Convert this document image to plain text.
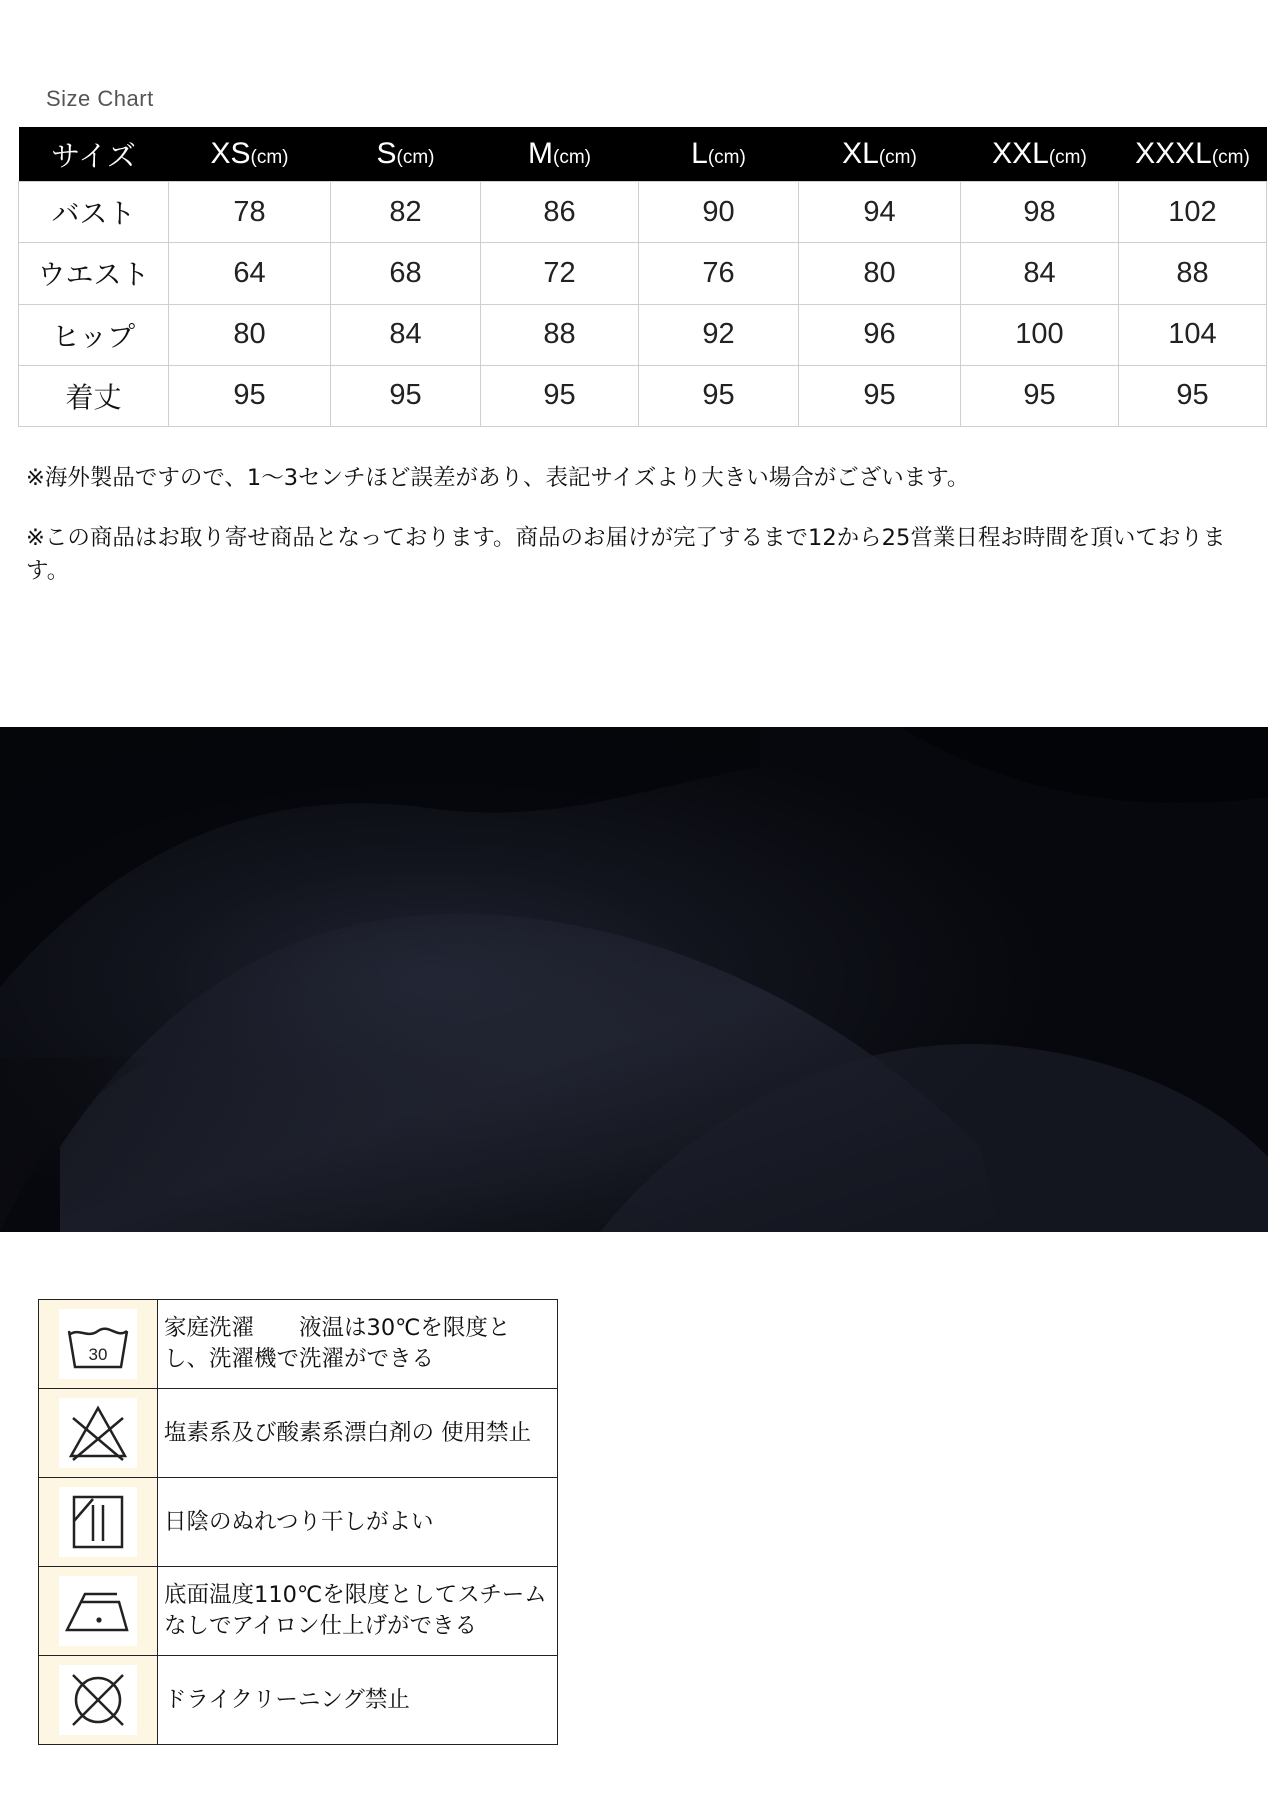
Size Chart
サイズ	XS(cm)	S(cm)	M(cm)	L(cm)	XL(cm)	XXL(cm)	XXXL(cm)
バスト	78	82	86	90	94	98	102
ウエスト	64	68	72	76	80	84	88
ヒップ	80	84	88	92	96	100	104
着丈	95	95	95	95	95	95	95
※海外製品ですので、1～3センチほど誤差があり、表記サイズより大きい場合がございます。
※この商品はお取り寄せ商品となっております。商品のお届けが完了するまで12から25営業日程お時間を頂いております。
30	家庭洗濯　　液温は30℃を限度とし、洗濯機で洗濯ができる

	塩素系及び酸素系漂白剤の 使用禁止

	日陰のぬれつり干しがよい

	底面温度110℃を限度としてスチームなしでアイロン仕上げができる

	ドライクリーニング禁止
